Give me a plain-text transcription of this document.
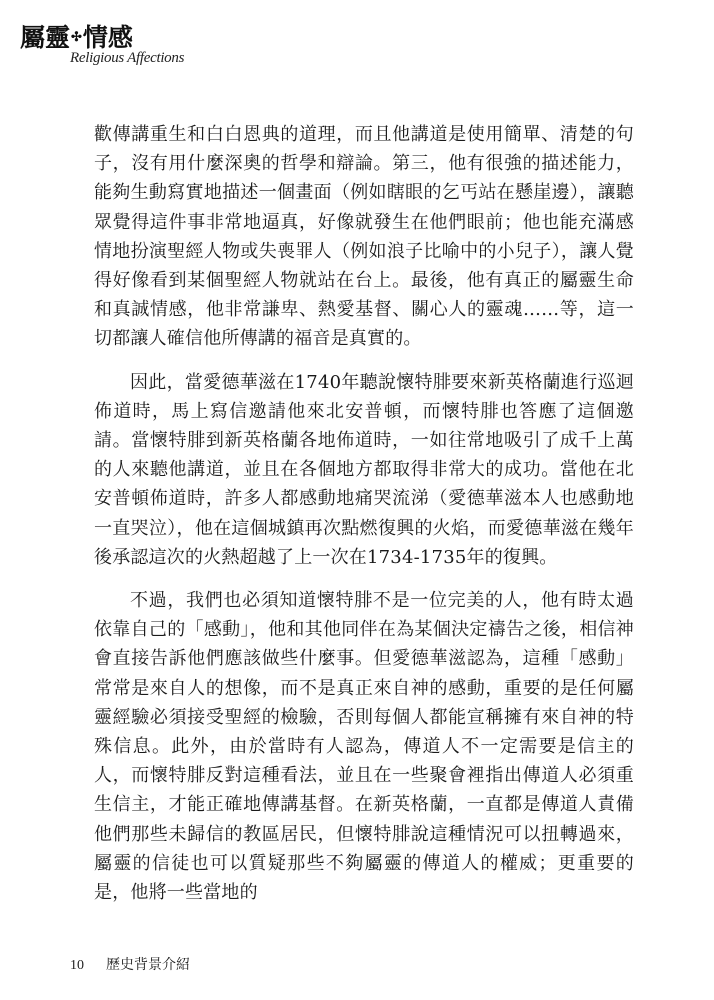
屬靈✣情感
Religious Affections

歡傳講重生和白白恩典的道理，而且他講道是使用簡單、清楚的句子，沒有用什麼深奧的哲學和辯論。第三，他有很強的描述能力，能夠生動寫實地描述一個畫面（例如瞎眼的乞丐站在懸崖邊），讓聽眾覺得這件事非常地逼真，好像就發生在他們眼前；他也能充滿感情地扮演聖經人物或失喪罪人（例如浪子比喻中的小兒子），讓人覺得好像看到某個聖經人物就站在台上。最後，他有真正的屬靈生命和真誠情感，他非常謙卑、熱愛基督、關心人的靈魂……等，這一切都讓人確信他所傳講的福音是真實的。

因此，當愛德華滋在1740年聽說懷特腓要來新英格蘭進行巡迴佈道時，馬上寫信邀請他來北安普頓，而懷特腓也答應了這個邀請。當懷特腓到新英格蘭各地佈道時，一如往常地吸引了成千上萬的人來聽他講道，並且在各個地方都取得非常大的成功。當他在北安普頓佈道時，許多人都感動地痛哭流涕（愛德華滋本人也感動地一直哭泣），他在這個城鎮再次點燃復興的火焰，而愛德華滋在幾年後承認這次的火熱超越了上一次在1734-1735年的復興。

不過，我們也必須知道懷特腓不是一位完美的人，他有時太過依靠自己的「感動」，他和其他同伴在為某個決定禱告之後，相信神會直接告訴他們應該做些什麼事。但愛德華滋認為，這種「感動」常常是來自人的想像，而不是真正來自神的感動，重要的是任何屬靈經驗必須接受聖經的檢驗，否則每個人都能宣稱擁有來自神的特殊信息。此外，由於當時有人認為，傳道人不一定需要是信主的人，而懷特腓反對這種看法，並且在一些聚會裡指出傳道人必須重生信主，才能正確地傳講基督。在新英格蘭，一直都是傳道人責備他們那些未歸信的教區居民，但懷特腓說這種情況可以扭轉過來，屬靈的信徒也可以質疑那些不夠屬靈的傳道人的權威；更重要的是，他將一些當地的

10 歷史背景介紹
